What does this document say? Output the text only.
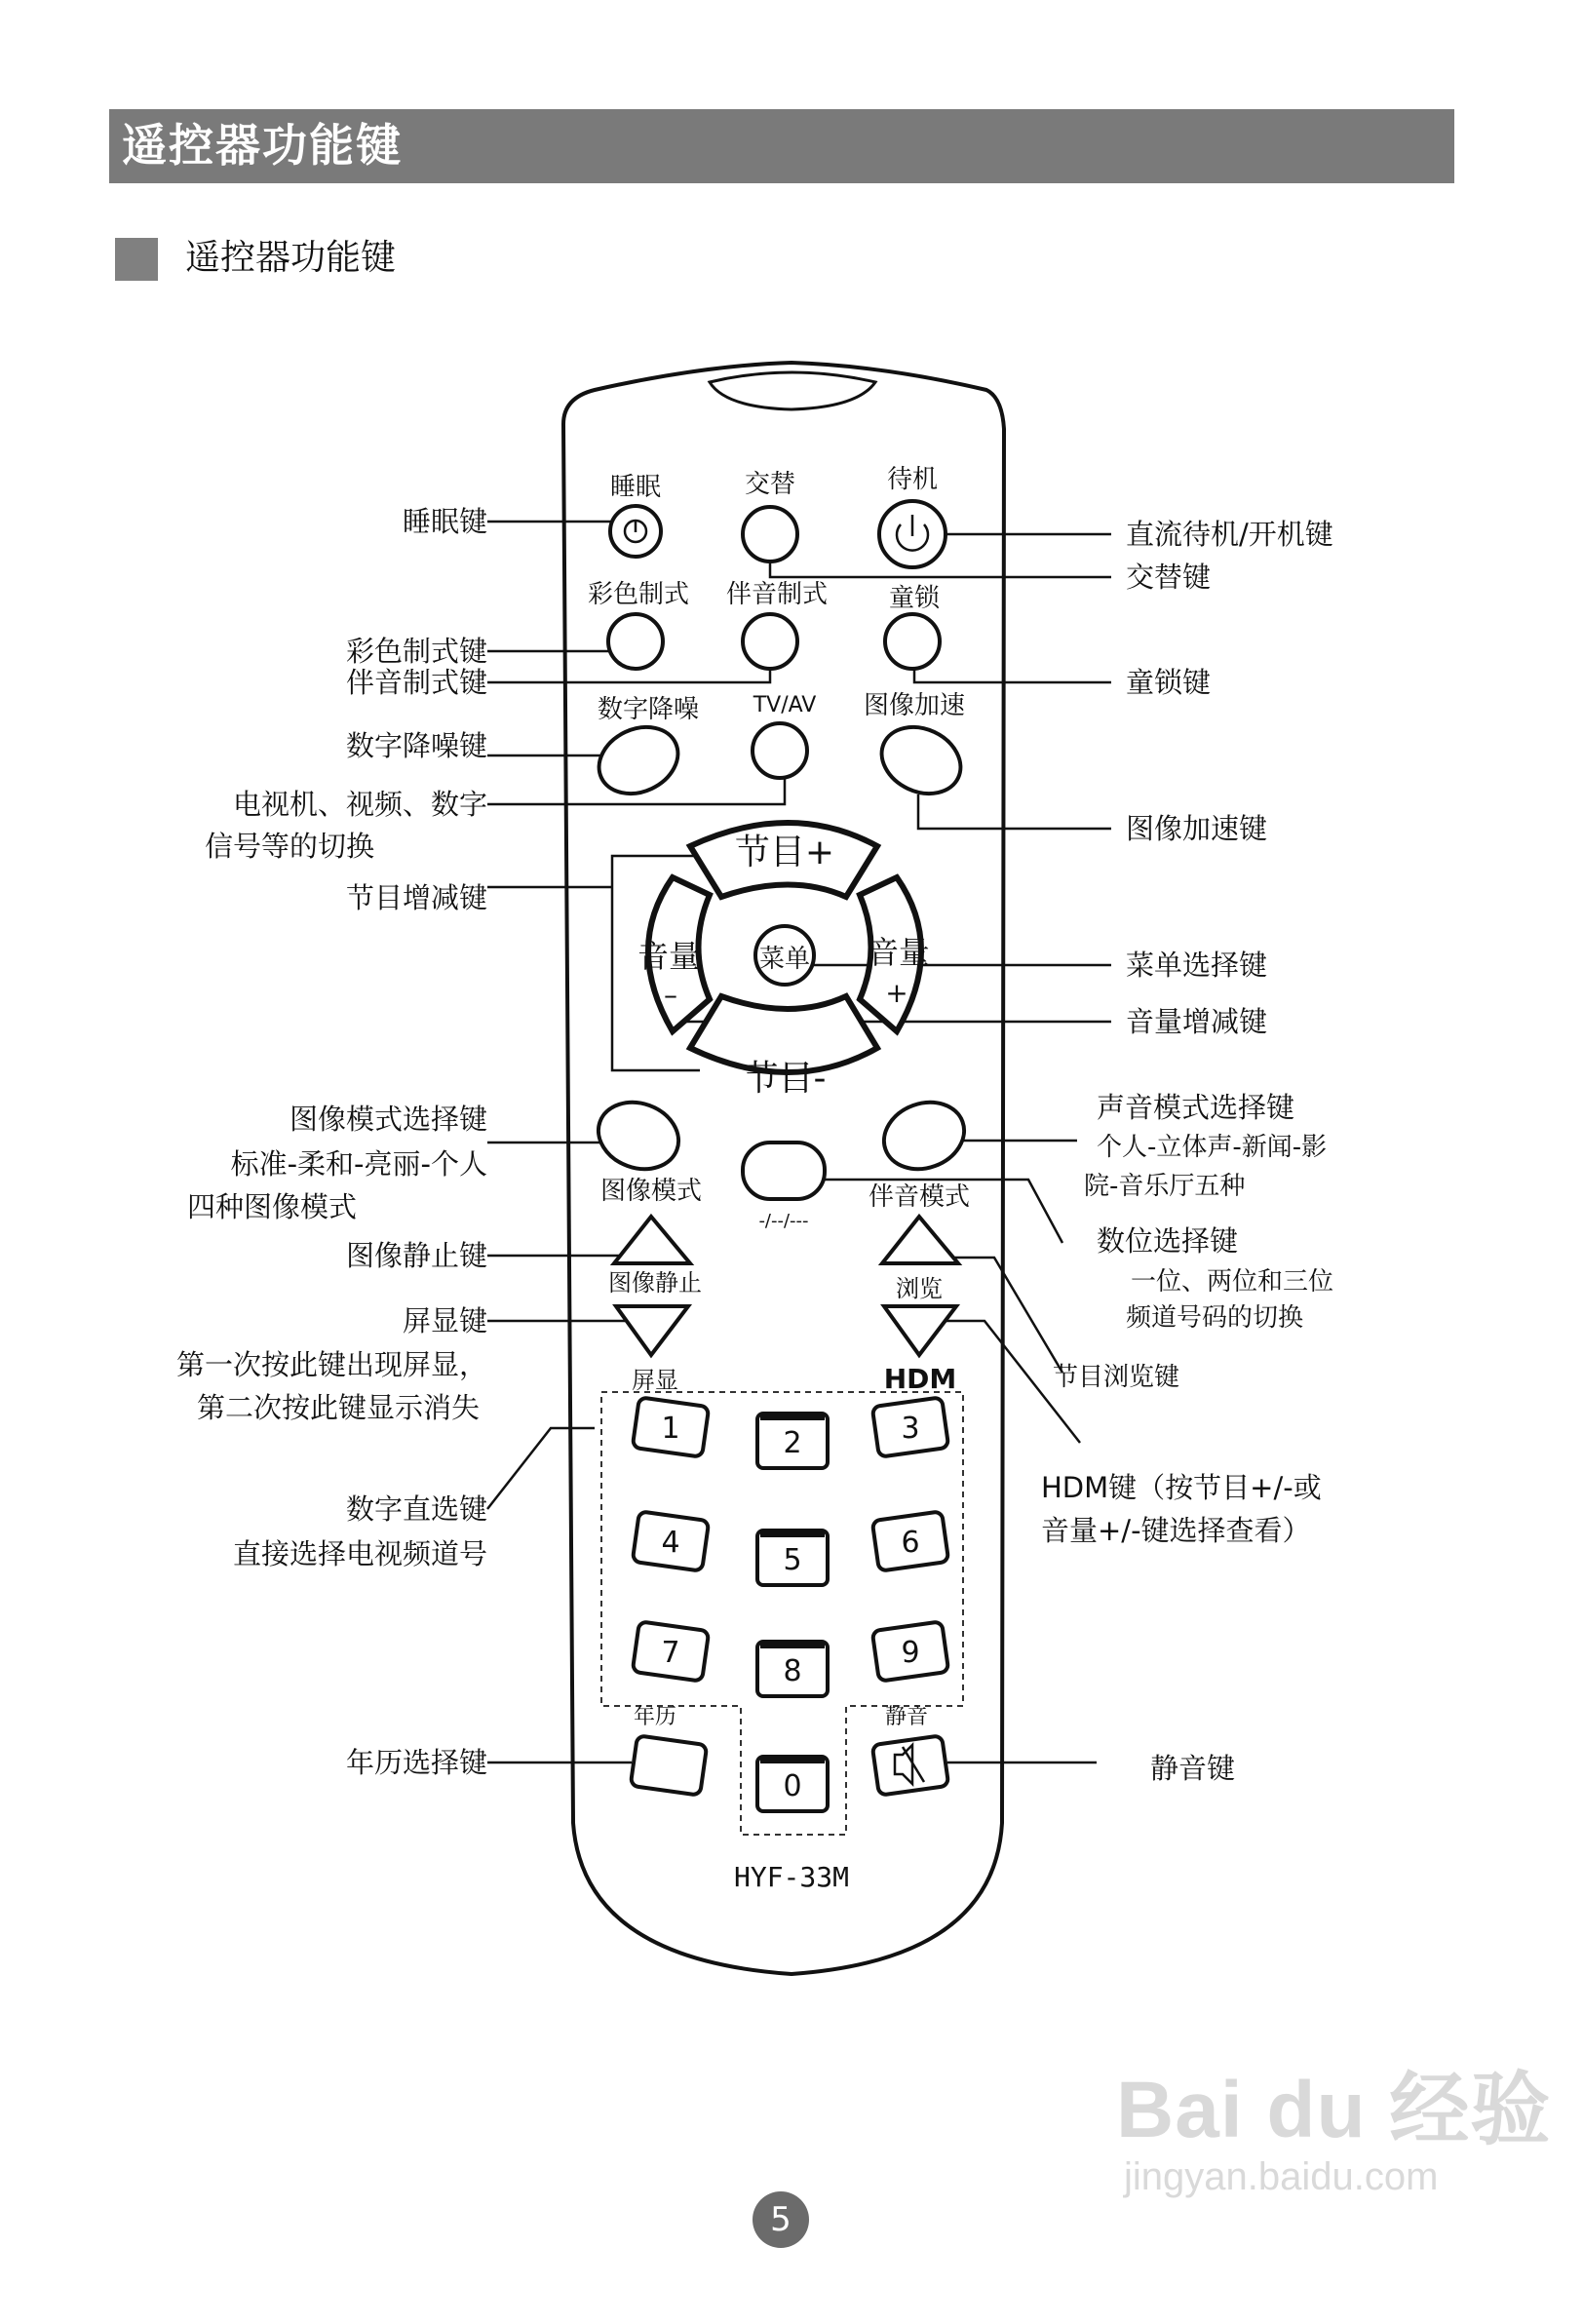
遥控器功能键
遥控器功能键
睡眠	交替	待机
彩色制式 伴音制式 童锁
数字降噪	TV/AV 图像加速
节目+
节目-
音量	音量
菜单
–	+
图像模式
-/--/---
伴音模式
图像静止	浏览
屏显	HDM
年历	静音
1	2	3
4
5
6
7
8
9
0
HYF-33M
睡眠键
彩色制式键
伴音制式键
数字降噪键
电视机、视频、数字
信号等的切换
节目增减键
图像模式选择键
标准-柔和-亮丽-个人
四种图像模式
图像静止键
屏显键
第一次按此键出现屏显，
第二次按此键显示消失
数字直选键
直接选择电视频道号
年历选择键
直流待机/开机键
交替键
童锁键
图像加速键
菜单选择键
音量增减键
声音模式选择键
个人-立体声-新闻-影
院-音乐厅五种
数位选择键
一位、两位和三位
频道号码的切换
节目浏览键
HDM键（按节目+/-或
音量+/-键选择查看）
静音键
5
Bai du 经验
jingyan.baidu.com
